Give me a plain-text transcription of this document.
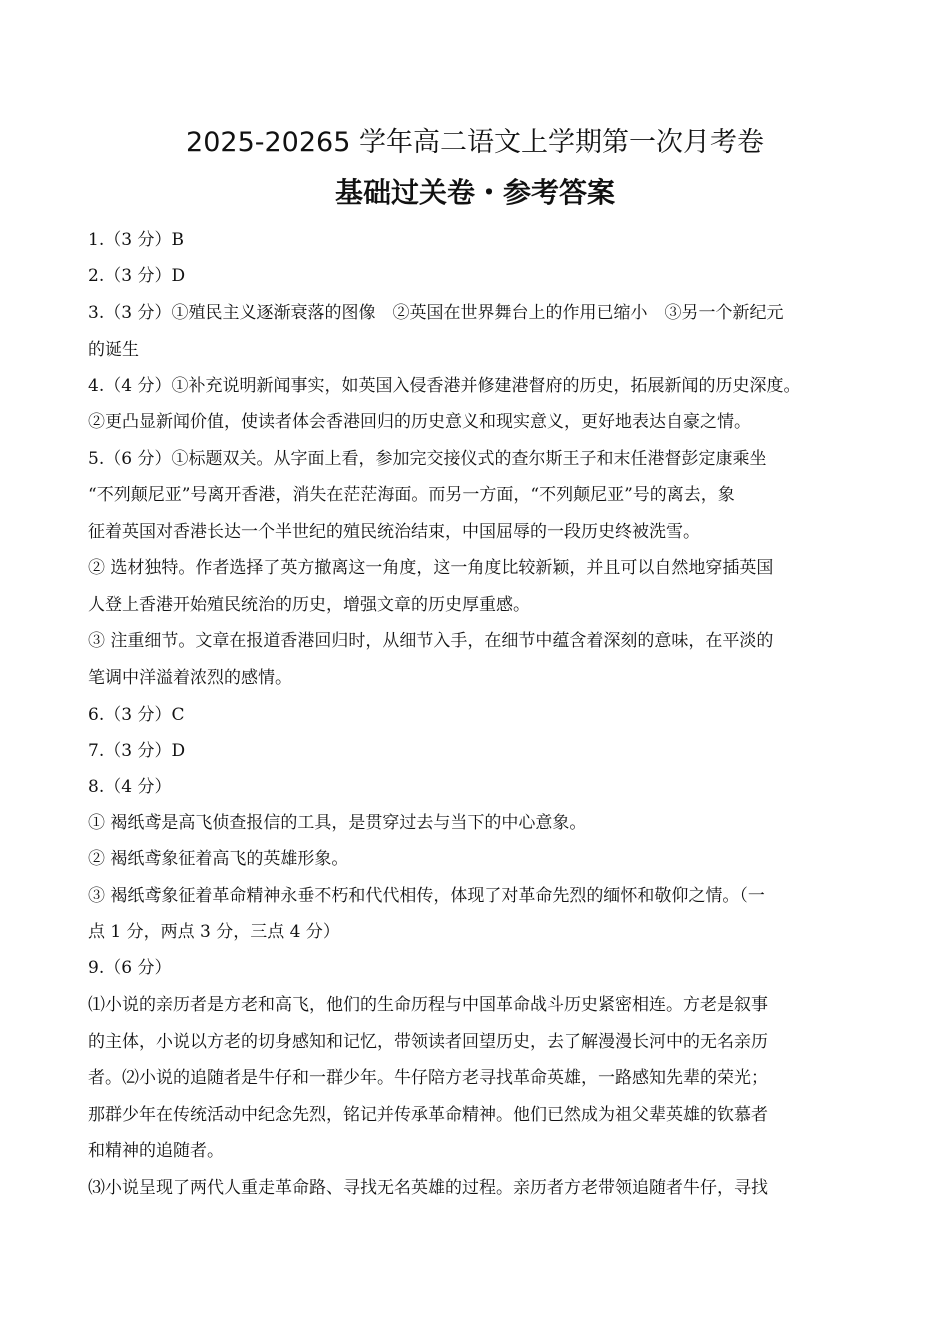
2025-20265 学年高二语文上学期第一次月考卷
基础过关卷・参考答案
1.（3 分）B
2.（3 分）D
3.（3 分）①殖民主义逐渐衰落的图像　②英国在世界舞台上的作用已缩小　③另一个新纪元
的诞生
4.（4 分）①补充说明新闻事实，如英国入侵香港并修建港督府的历史，拓展新闻的历史深度。
②更凸显新闻价值，使读者体会香港回归的历史意义和现实意义，更好地表达自豪之情。
5.（6 分）①标题双关。从字面上看，参加完交接仪式的查尔斯王子和末任港督彭定康乘坐
“不列颠尼亚”号离开香港，消失在茫茫海面。而另一方面，“不列颠尼亚”号的离去，象
征着英国对香港长达一个半世纪的殖民统治结束，中国屈辱的一段历史终被洗雪。
② 选材独特。作者选择了英方撤离这一角度，这一角度比较新颖，并且可以自然地穿插英国
人登上香港开始殖民统治的历史，增强文章的历史厚重感。
③ 注重细节。文章在报道香港回归时，从细节入手，在细节中蕴含着深刻的意味，在平淡的
笔调中洋溢着浓烈的感情。
6.（3 分）C
7.（3 分）D
8.（4 分）
① 褐纸鸢是高飞侦查报信的工具，是贯穿过去与当下的中心意象。
② 褐纸鸢象征着高飞的英雄形象。
③ 褐纸鸢象征着革命精神永垂不朽和代代相传，体现了对革命先烈的缅怀和敬仰之情。（一
点 1 分，两点 3 分，三点 4 分）
9.（6 分）
⑴小说的亲历者是方老和高飞，他们的生命历程与中国革命战斗历史紧密相连。方老是叙事
的主体，小说以方老的切身感知和记忆，带领读者回望历史，去了解漫漫长河中的无名亲历
者。⑵小说的追随者是牛仔和一群少年。牛仔陪方老寻找革命英雄，一路感知先辈的荣光；
那群少年在传统活动中纪念先烈，铭记并传承革命精神。他们已然成为祖父辈英雄的钦慕者
和精神的追随者。
⑶小说呈现了两代人重走革命路、寻找无名英雄的过程。亲历者方老带领追随者牛仔，寻找
